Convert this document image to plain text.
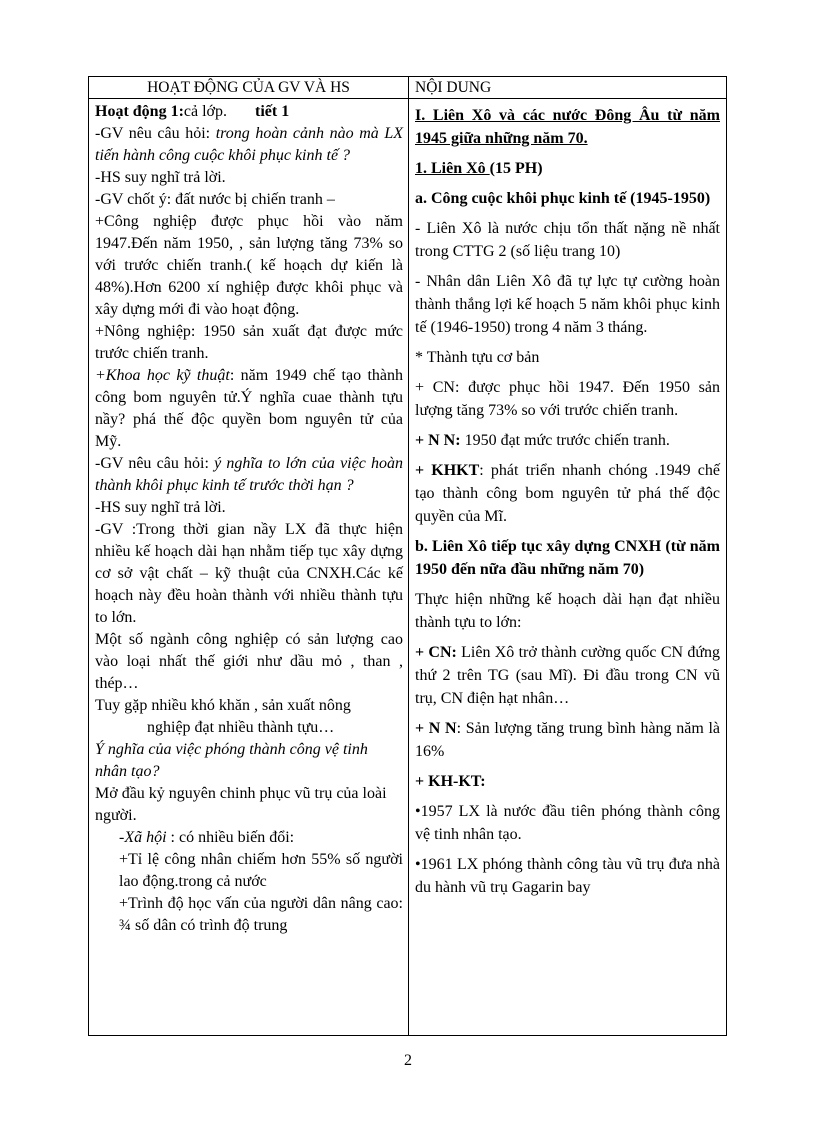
HOẠT ĐỘNG CỦA GV VÀ HS	NỘI DUNG

Hoạt động 1:cả lớp. tiết 1

-GV nêu câu hỏi: trong hoàn cảnh nào mà LX tiến hành công cuộc khôi phục kinh tế ?

-HS suy nghĩ trả lời.

-GV chốt ý: đất nước bị chiến tranh –

+Công nghiệp được phục hồi vào năm 1947.Đến năm 1950, , sản lượng tăng 73% so với trước chiến tranh.( kế hoạch dự kiến là 48%).Hơn 6200 xí nghiệp được khôi phục và xây dựng mới đi vào hoạt động.

+Nông nghiệp: 1950 sản xuất đạt được mức trước chiến tranh.

+Khoa học kỹ thuật: năm 1949 chế tạo thành công bom nguyên tử.Ý nghĩa cuae thành tựu nầy? phá thế độc quyền bom nguyên tử của Mỹ.

-GV nêu câu hỏi: ý nghĩa to lớn của việc hoàn thành khôi phục kinh tế trước thời hạn ?

-HS suy nghĩ trả lời.

-GV :Trong thời gian nầy LX đã thực hiện nhiều kế hoạch dài hạn nhằm tiếp tục xây dựng cơ sở vật chất – kỹ thuật của CNXH.Các kế hoạch này đều hoàn thành với nhiều thành tựu to lớn.

Một số ngành công nghiệp có sản lượng cao vào loại nhất thế giới như dầu mỏ , than , thép…

Tuy gặp nhiều khó khăn , sản xuất nông

nghiệp đạt nhiều thành tựu…

Ý nghĩa của việc phóng thành công vệ tinh nhân tạo?

Mở đầu kỷ nguyên chinh phục vũ trụ của loài người.

-Xã hội : có nhiều biến đổi:

+Tỉ lệ công nhân chiếm hơn 55% số người lao động.trong cả nước

+Trình độ học vấn của người dân nâng cao: ¾ số dân có trình độ trung

I. Liên Xô và các nước Đông Âu từ năm 1945 giữa những năm 70.

1. Liên Xô (15 PH)

a. Công cuộc khôi phục kinh tế (1945-1950)

- Liên Xô là nước chịu tổn thất nặng nề nhất trong CTTG 2 (số liệu trang 10)

- Nhân dân Liên Xô đã tự lực tự cường hoàn thành thắng lợi kế hoạch 5 năm khôi phục kinh tế (1946-1950) trong 4 năm 3 tháng.

* Thành tựu cơ bản

+ CN: được phục hồi 1947. Đến 1950 sản lượng tăng 73% so với trước chiến tranh.

+ N N: 1950 đạt mức trước chiến tranh.

+ KHKT: phát triển nhanh chóng .1949 chế tạo thành công bom nguyên tử phá thế độc quyền của Mĩ.

b. Liên Xô tiếp tục xây dựng CNXH (từ năm 1950 đến nữa đầu những năm 70)

Thực hiện những kế hoạch dài hạn đạt nhiều thành tựu to lớn:

+ CN: Liên Xô trở thành cường quốc CN đứng thứ 2 trên TG (sau Mĩ). Đi đầu trong CN vũ trụ, CN điện hạt nhân…

+ N N: Sản lượng tăng trung bình hàng năm là 16%

+ KH-KT:

• 1957 LX là nước đầu tiên phóng thành công vệ tinh nhân tạo.

• 1961 LX phóng thành công tàu vũ trụ đưa nhà du hành vũ trụ Gagarin bay

2
